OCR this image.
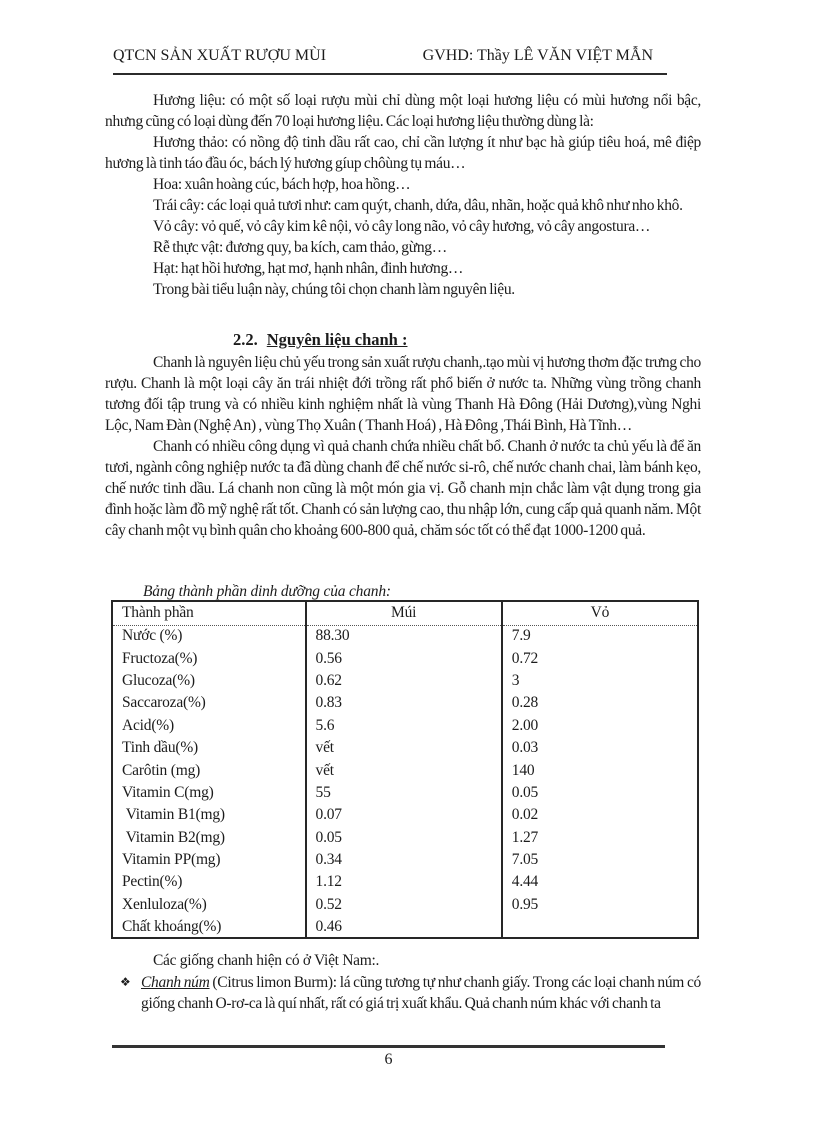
QTCN SẢN XUẤT RƯỢU MÙI	GVHD: Thầy LÊ VĂN VIỆT MẪN

Hương liệu: có một số loại rượu mùi chỉ dùng một loại hương liệu có mùi hương nổi bậc, nhưng cũng có loại dùng đến 70 loại hương liệu. Các loại hương liệu thường dùng là:

Hương thảo: có nồng độ tinh dầu rất cao, chỉ cần lượng ít như bạc hà giúp tiêu hoá, mê điệp hương là tinh táo đầu óc, bách lý hương gíup chôùng tụ máu…

Hoa: xuân hoàng cúc, bách hợp, hoa hồng…

Trái cây: các loại quả tươi như: cam quýt, chanh, dứa, dâu, nhãn, hoặc quả khô như nho khô.

Vỏ cây: vỏ quế, vỏ cây kim kê nội, vỏ cây long não, vỏ cây hương, vỏ cây angostura…

Rễ thực vật: đương quy, ba kích, cam thảo, gừng…

Hạt: hạt hồi hương, hạt mơ, hạnh nhân, đinh hương…

Trong bài tiểu luận này, chúng tôi chọn chanh làm nguyên liệu.

2.2. Nguyên liệu chanh :

Chanh là nguyên liệu chủ yếu trong sản xuất rượu chanh,.tạo mùi vị hương thơm đặc trưng cho rượu. Chanh là một loại cây ăn trái nhiệt đới trồng rất phổ biến ở nước ta. Những vùng trồng chanh tương đối tập trung và có nhiều kinh nghiệm nhất là vùng Thanh Hà Đông (Hải Dương),vùng Nghi Lộc, Nam Đàn (Nghệ An) , vùng Thọ Xuân ( Thanh Hoá) , Hà Đông ,Thái Bình, Hà Tĩnh…

Chanh có nhiều công dụng vì quả chanh chứa nhiều chất bổ. Chanh ở nước ta chủ yếu là để ăn tươi, ngành công nghiệp nước ta đã dùng chanh để chế nước si-rô, chế nước chanh chai, làm bánh kẹo, chế nước tinh dầu. Lá chanh non cũng là một món gia vị. Gỗ chanh mịn chắc làm vật dụng trong gia đình hoặc làm đồ mỹ nghệ rất tốt. Chanh có sản lượng cao, thu nhập lớn, cung cấp quả quanh năm. Một cây chanh một vụ bình quân cho khoảng 600-800 quả, chăm sóc tốt có thể đạt 1000-1200 quả.

Bảng thành phần dinh dưỡng của chanh:
Thành phần	Múi	Vỏ
Nước (%)	88.30	7.9
Fructoza(%)	0.56	0.72
Glucoza(%)	0.62	3
Saccaroza(%)	0.83	0.28
Acid(%)	5.6	2.00
Tinh dầu(%)	vết	0.03
Carôtin (mg)	vết	140
Vitamin C(mg)	55	0.05
Vitamin B1(mg)	0.07	0.02
Vitamin B2(mg)	0.05	1.27
Vitamin PP(mg)	0.34	7.05
Pectin(%)	1.12	4.44
Xenluloza(%)	0.52	0.95
Chất khoáng(%)	0.46	
Các giống chanh hiện có ở Việt Nam:.
❖ Chanh núm (Citrus limon Burm): lá cũng tương tự như chanh giấy. Trong các loại chanh núm có giống chanh O-rơ-ca là quí nhất, rất có giá trị xuất khẩu. Quả chanh núm khác với chanh ta
6
